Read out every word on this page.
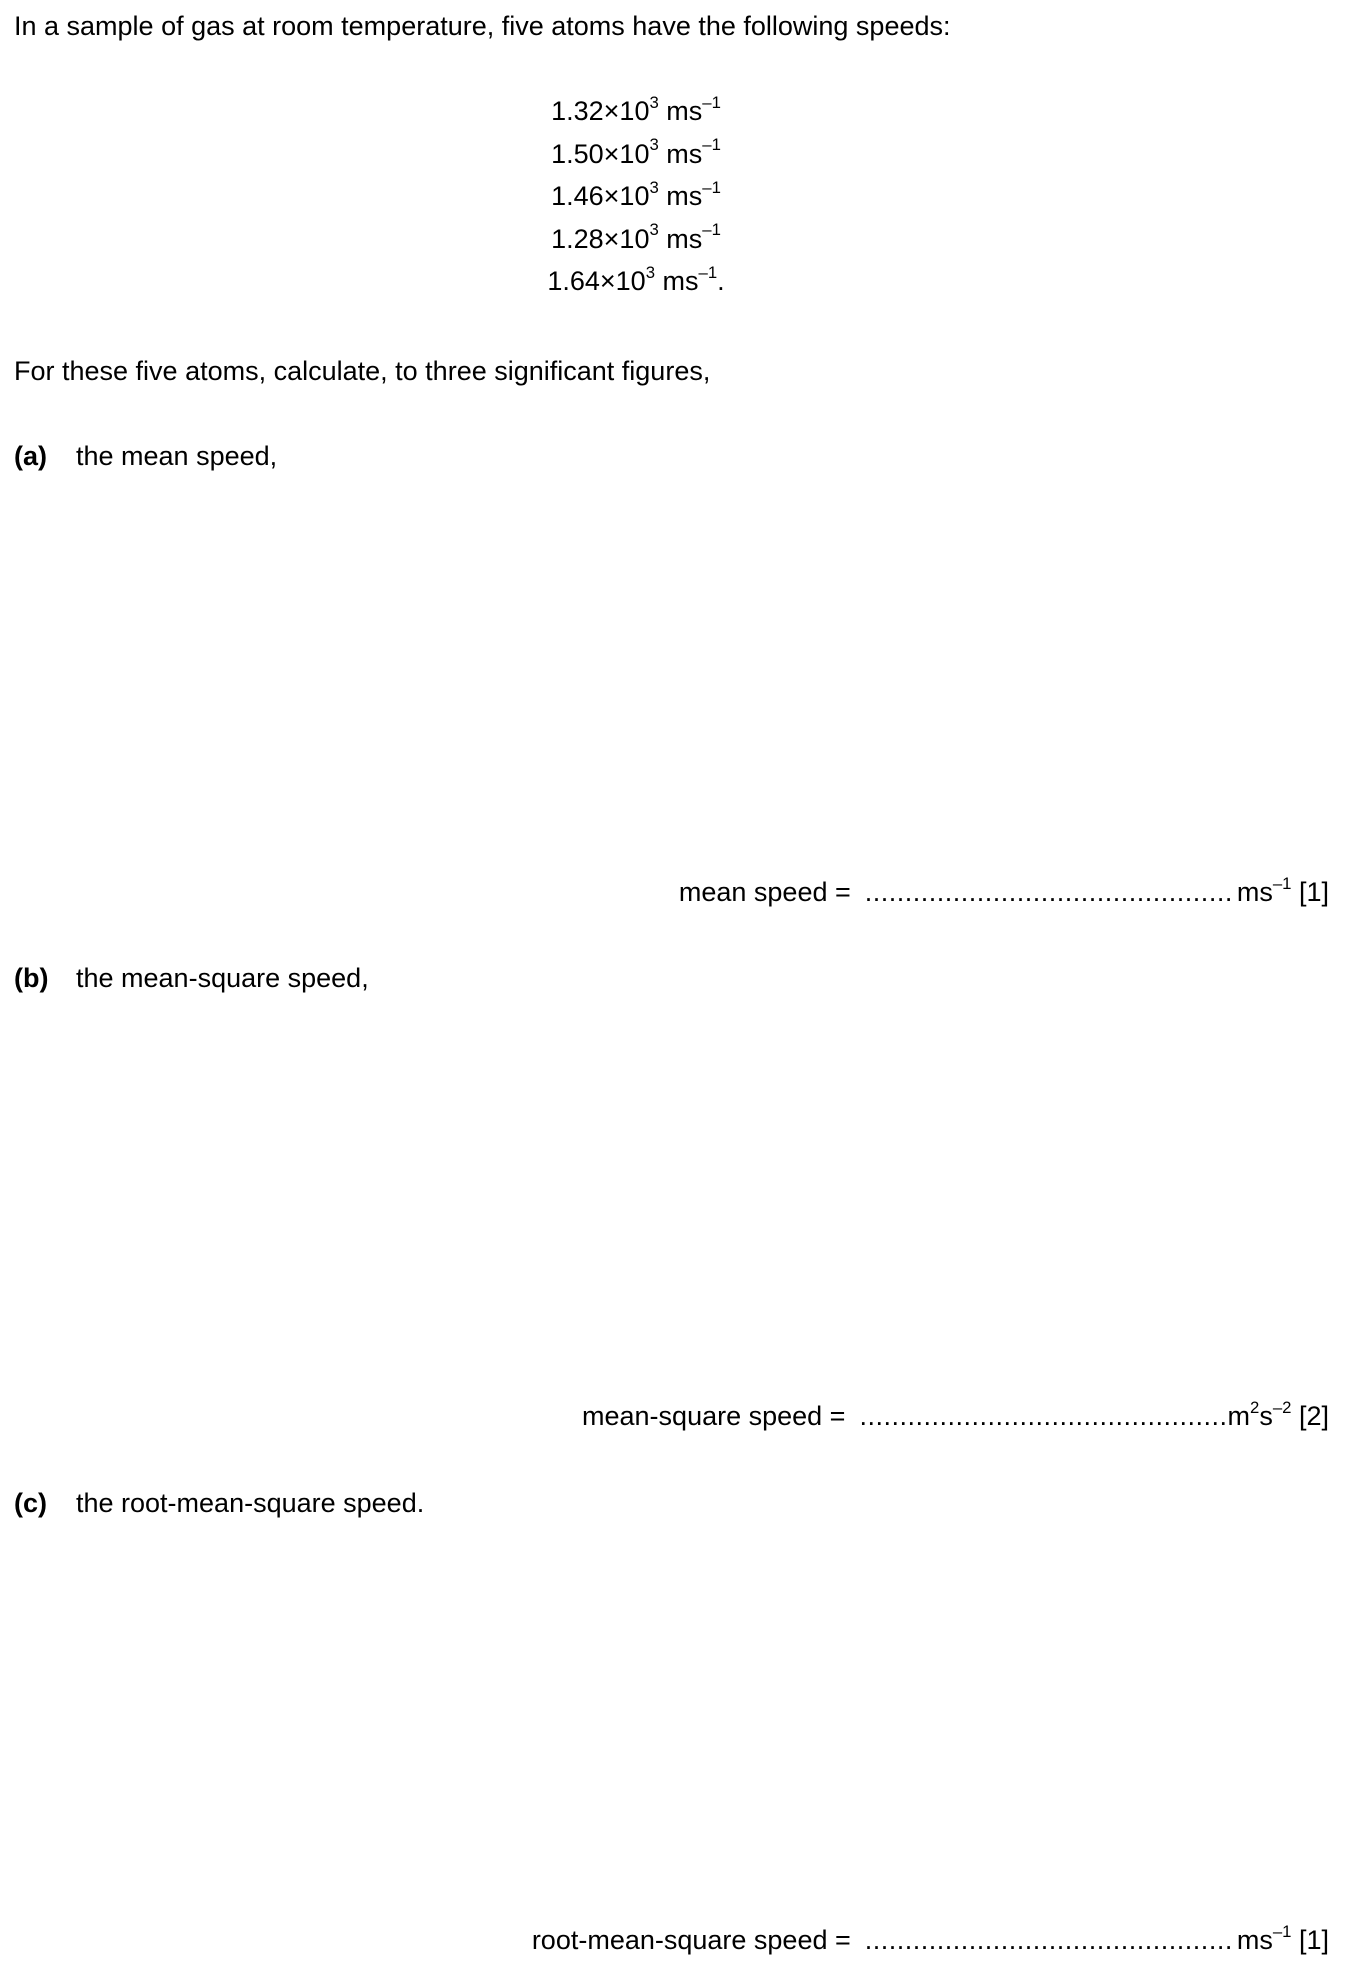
In a sample of gas at room temperature, five atoms have the following speeds:
$1.32\times 10^3$ $ms^{-1}$
$1.50\times 10^3$ $ms^{-1}$
$1.46\times 10^3$ $ms^{-1}$
$1.28\times 10^3$ $ms^{-1}$
$1.64\times 10^3$ $ms^{-1}$.
For these five atoms, calculate, to three significant figures,
(a) the mean speed,
mean speed = .............................................. $ms^{-1}$ [1]
(b) the mean-square speed,
mean-square speed = $..............................................m^2s^{-2}$ [2]
(c) the root-mean-square speed.
root-mean-square speed = .............................................. $ms^{-1}$ [1]
